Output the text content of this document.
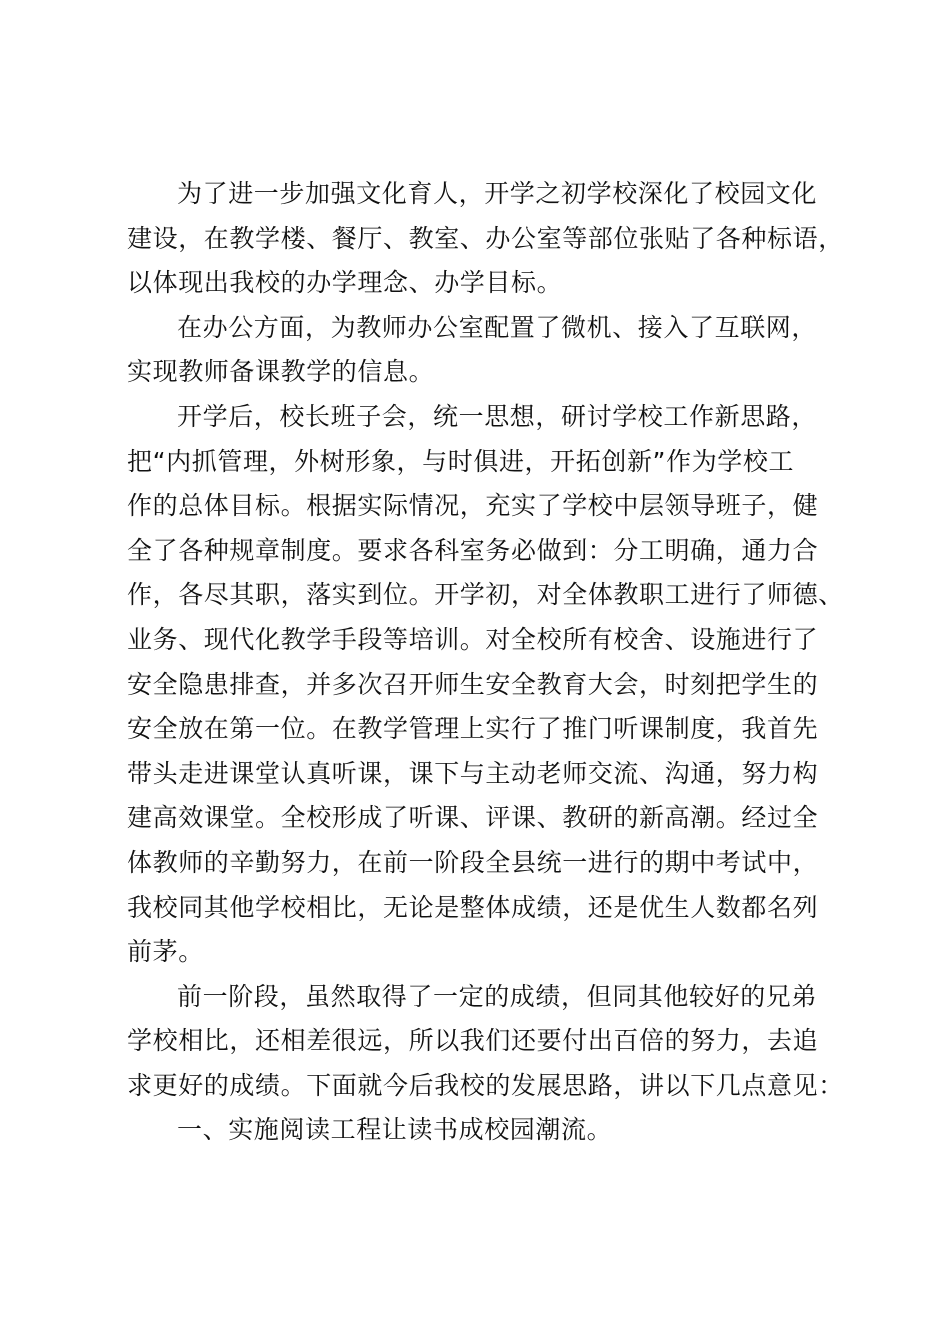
为了进一步加强文化育人，开学之初学校深化了校园文化
建设，在教学楼、餐厅、教室、办公室等部位张贴了各种标语，
以体现出我校的办学理念、办学目标。
在办公方面，为教师办公室配置了微机、接入了互联网，
实现教师备课教学的信息。
开学后，校长班子会，统一思想，研讨学校工作新思路，
把“内抓管理，外树形象，与时俱进，开拓创新”作为学校工
作的总体目标。根据实际情况，充实了学校中层领导班子，健
全了各种规章制度。要求各科室务必做到：分工明确，通力合
作，各尽其职，落实到位。开学初，对全体教职工进行了师德、
业务、现代化教学手段等培训。对全校所有校舍、设施进行了
安全隐患排查，并多次召开师生安全教育大会，时刻把学生的
安全放在第一位。在教学管理上实行了推门听课制度，我首先
带头走进课堂认真听课，课下与主动老师交流、沟通，努力构
建高效课堂。全校形成了听课、评课、教研的新高潮。经过全
体教师的辛勤努力，在前一阶段全县统一进行的期中考试中，
我校同其他学校相比，无论是整体成绩，还是优生人数都名列
前茅。
前一阶段，虽然取得了一定的成绩，但同其他较好的兄弟
学校相比，还相差很远，所以我们还要付出百倍的努力，去追
求更好的成绩。下面就今后我校的发展思路，讲以下几点意见：
一、实施阅读工程让读书成校园潮流。
